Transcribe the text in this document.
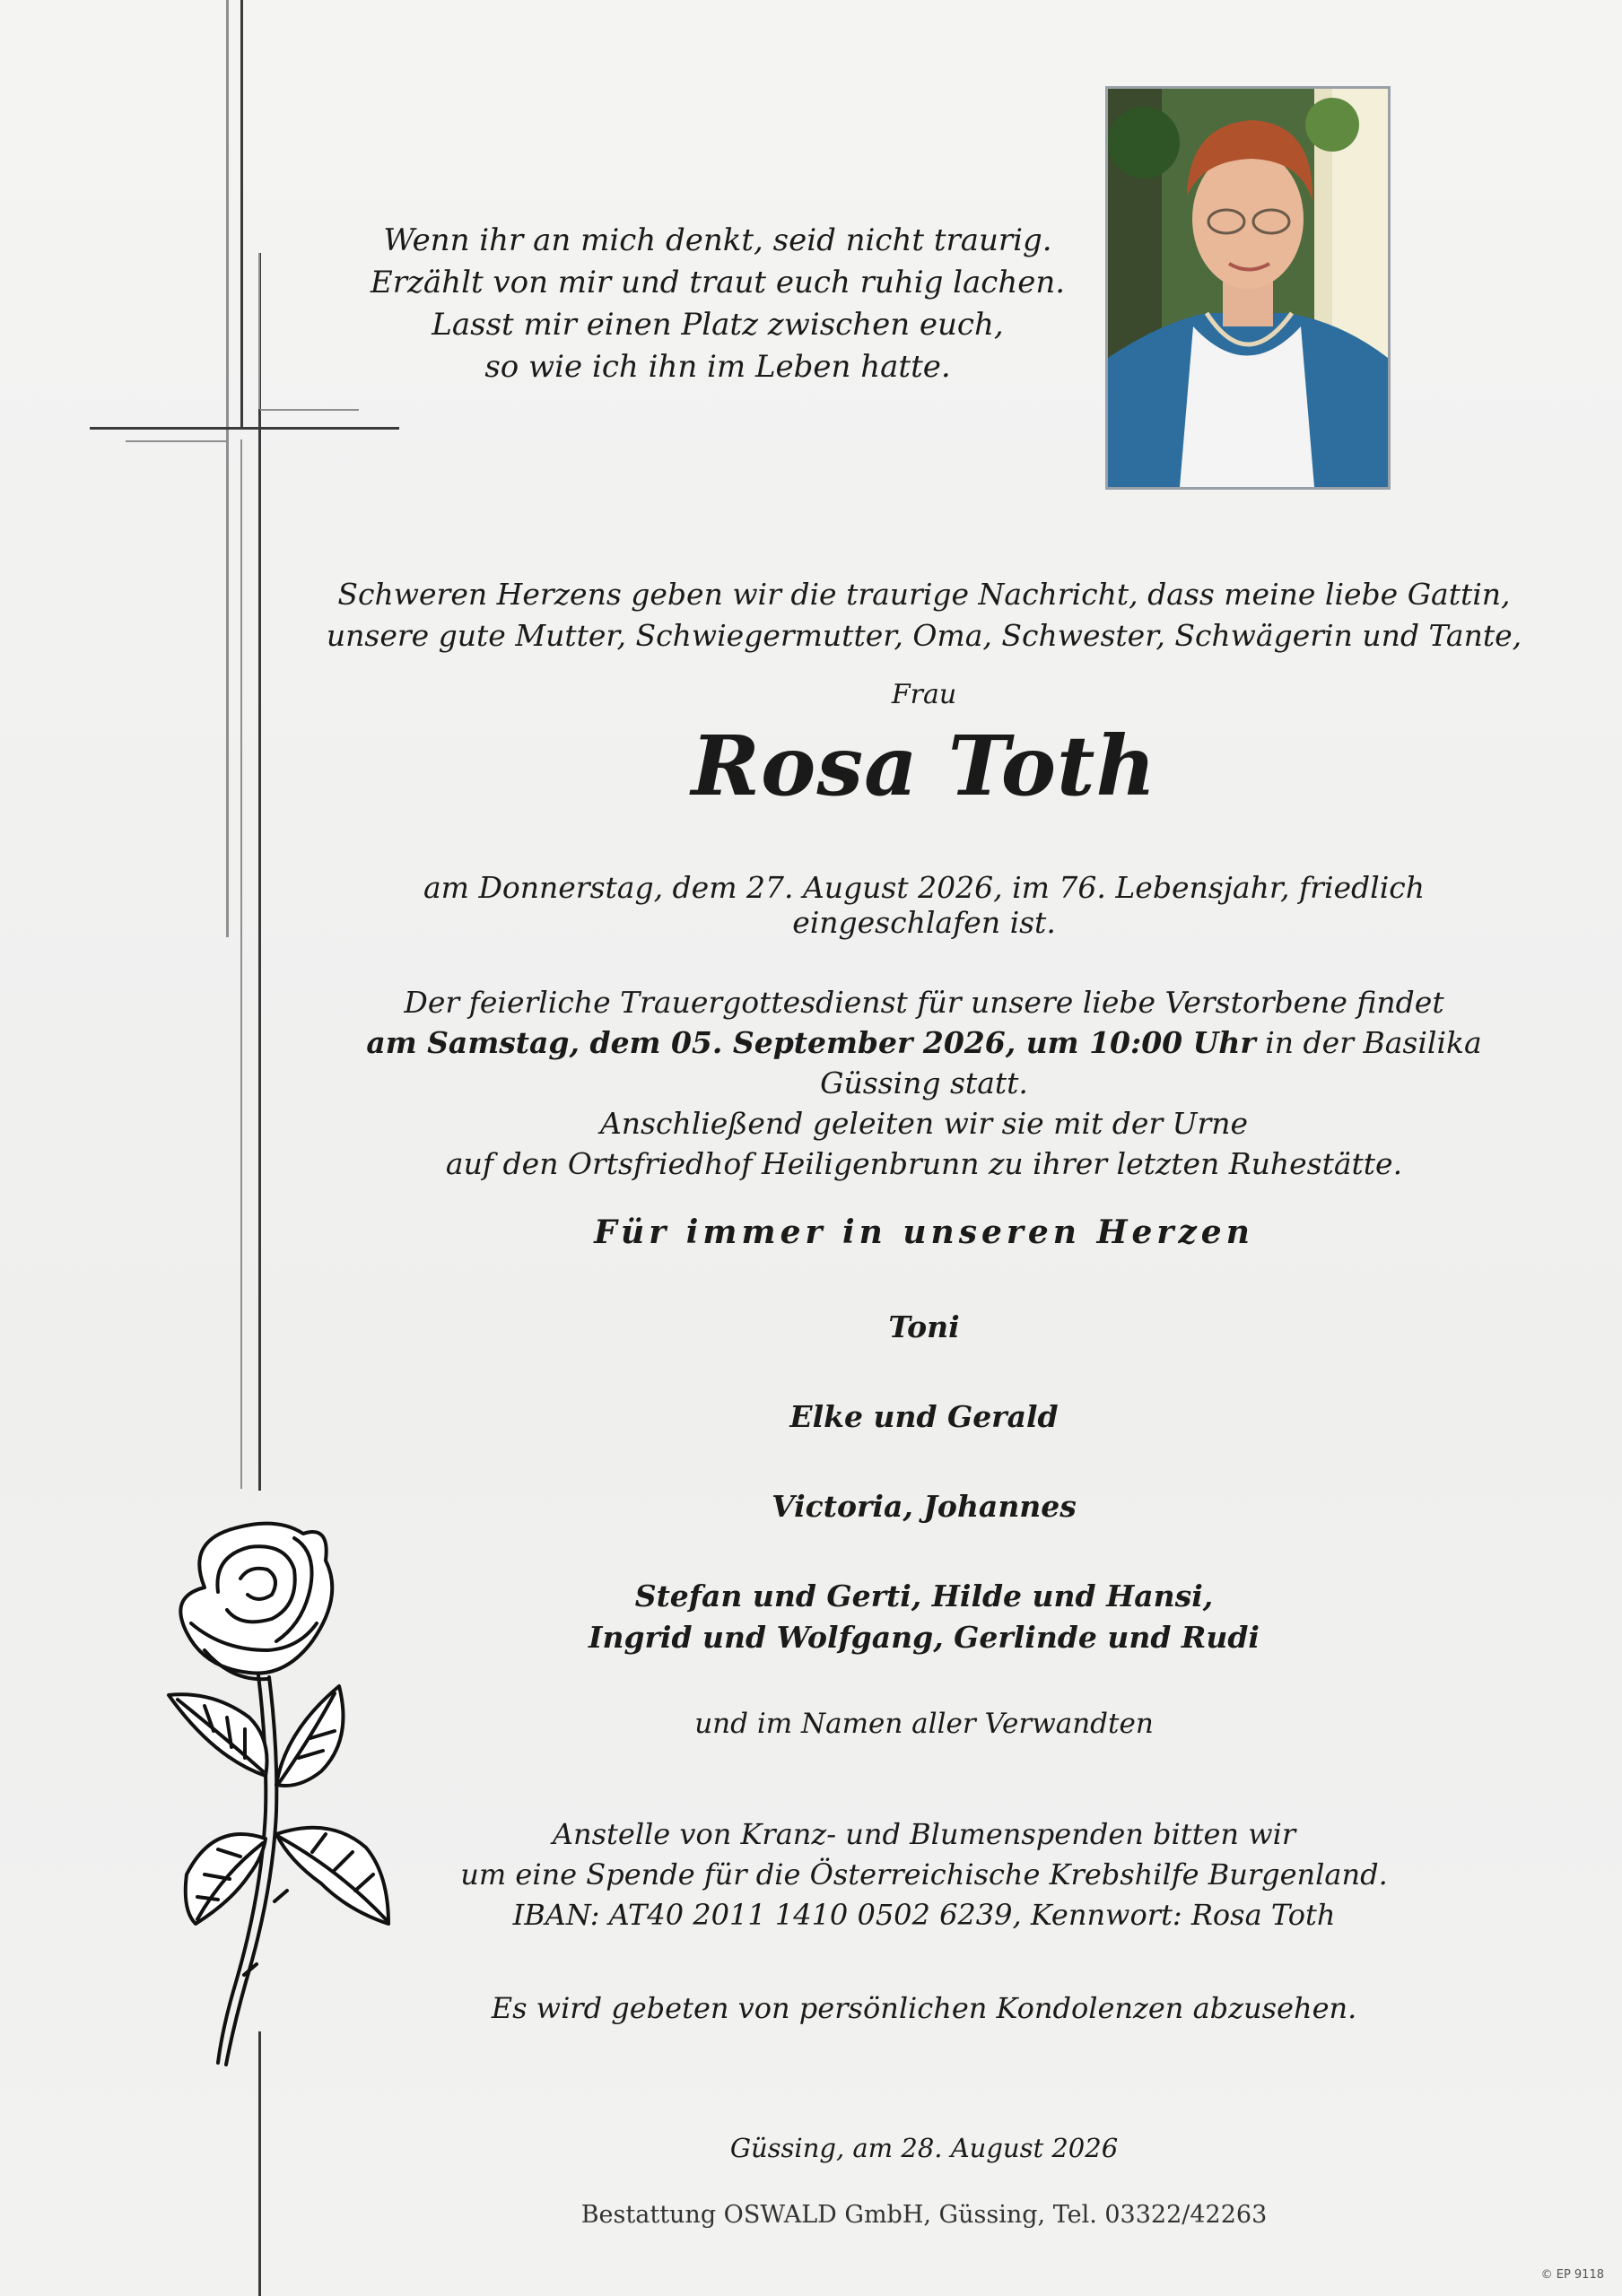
Wenn ihr an mich denkt, seid nicht traurig.
Erzählt von mir und traut euch ruhig lachen.
Lasst mir einen Platz zwischen euch,
so wie ich ihn im Leben hatte.
Schweren Herzens geben wir die traurige Nachricht, dass meine liebe Gattin,
unsere gute Mutter, Schwiegermutter, Oma, Schwester, Schwägerin und Tante,
Frau
Rosa Toth
am Donnerstag, dem 27. August 2026, im 76. Lebensjahr, friedlich eingeschlafen ist.
Der feierliche Trauergottesdienst für unsere liebe Verstorbene findet
am Samstag, dem 05. September 2026, um 10:00 Uhr in der Basilika Güssing statt.
Anschließend geleiten wir sie mit der Urne
auf den Ortsfriedhof Heiligenbrunn zu ihrer letzten Ruhestätte.
Für immer in unseren Herzen
Toni
Elke und Gerald
Victoria, Johannes
Stefan und Gerti, Hilde und Hansi,
Ingrid und Wolfgang, Gerlinde und Rudi
und im Namen aller Verwandten
Anstelle von Kranz- und Blumenspenden bitten wir
um eine Spende für die Österreichische Krebshilfe Burgenland.
IBAN: AT40 2011 1410 0502 6239, Kennwort: Rosa Toth
Es wird gebeten von persönlichen Kondolenzen abzusehen.
Güssing, am 28. August 2026
Bestattung OSWALD GmbH, Güssing, Tel. 03322/42263
© EP 9118
